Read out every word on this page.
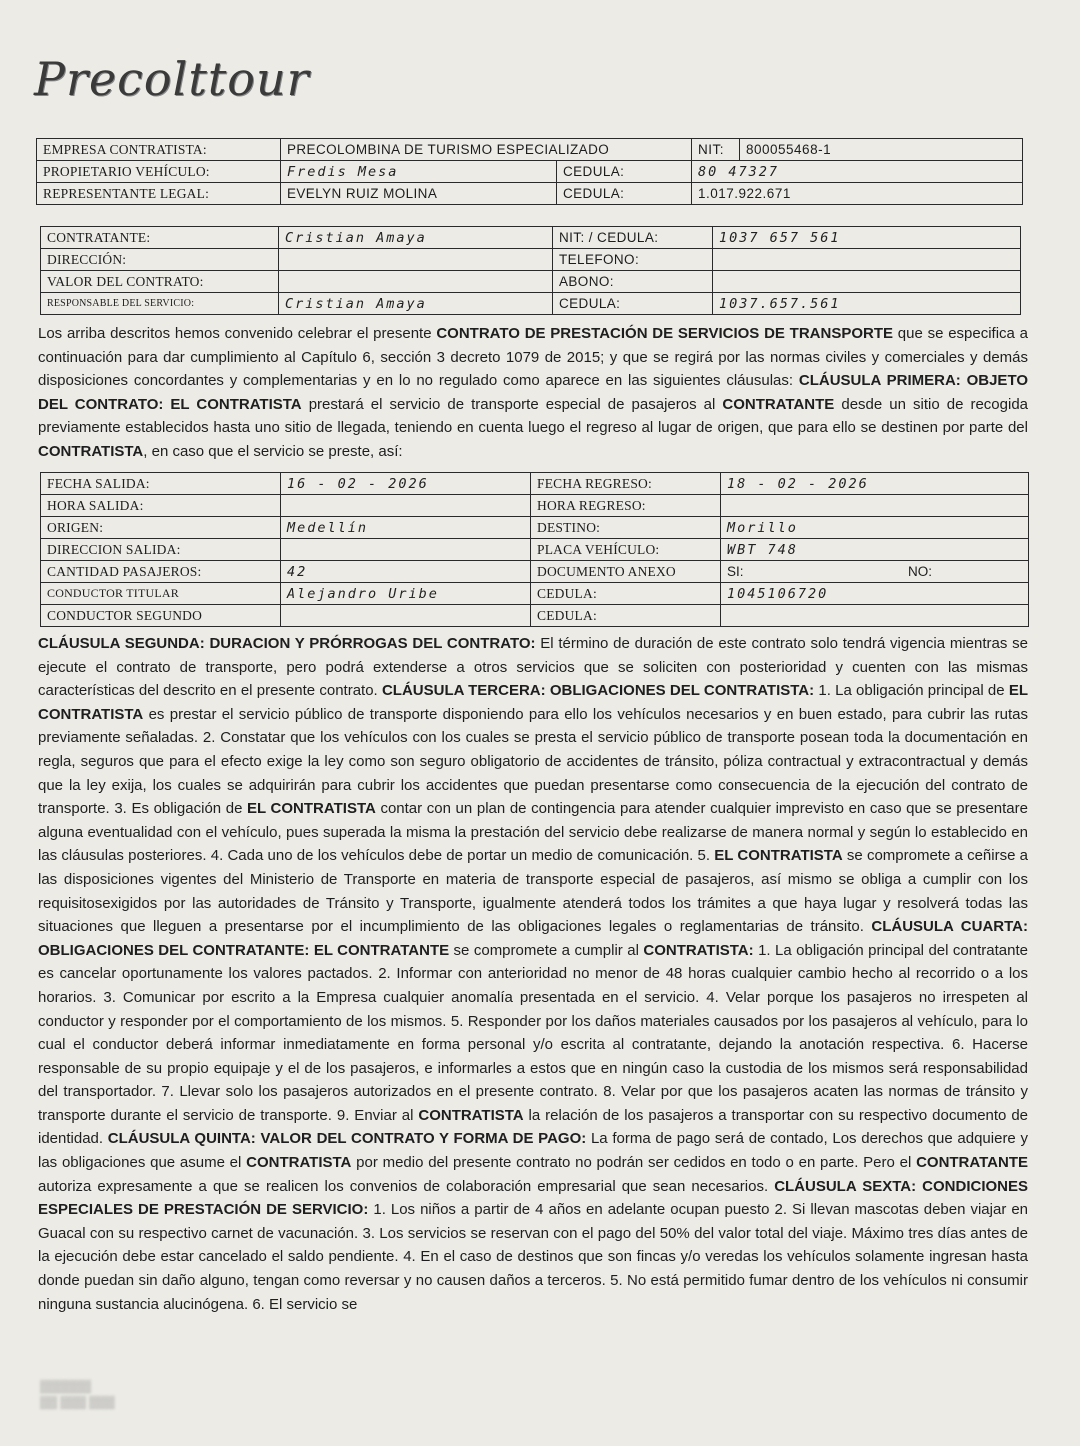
Precolttour
EMPRESA CONTRATISTA:	PRECOLOMBINA DE TURISMO ESPECIALIZADO		NIT:	800055468-1
PROPIETARIO VEHÍCULO:	Fredis Mesa	CEDULA:	80 47327	
REPRESENTANTE LEGAL:	EVELYN RUIZ MOLINA	CEDULA:	1.017.922.671	
CONTRATANTE:	Cristian Amaya	NIT: / CEDULA:	1037 657 561
DIRECCIÓN:		TELEFONO:	
VALOR DEL CONTRATO:		ABONO:	
RESPONSABLE DEL SERVICIO:	Cristian Amaya	CEDULA:	1037.657.561
Los arriba descritos hemos convenido celebrar el presente CONTRATO DE PRESTACIÓN DE SERVICIOS DE TRANSPORTE que se especifica a continuación para dar cumplimiento al Capítulo 6, sección 3 decreto 1079 de 2015; y que se regirá por las normas civiles y comerciales y demás disposiciones concordantes y complementarias y en lo no regulado como aparece en las siguientes cláusulas: CLÁUSULA PRIMERA: OBJETO DEL CONTRATO: EL CONTRATISTA prestará el servicio de transporte especial de pasajeros al CONTRATANTE desde un sitio de recogida previamente establecidos hasta uno sitio de llegada, teniendo en cuenta luego el regreso al lugar de origen, que para ello se destinen por parte del CONTRATISTA, en caso que el servicio se preste, así:
FECHA SALIDA:	16 - 02 - 2026	FECHA REGRESO:	18 - 02 - 2026
HORA SALIDA:		HORA REGRESO:	
ORIGEN:	Medellín	DESTINO:	Morillo
DIRECCION SALIDA:		PLACA VEHÍCULO:	WBT 748
CANTIDAD PASAJEROS:	42	DOCUMENTO ANEXO	SI: NO:

CONDUCTOR TITULAR	Alejandro Uribe	CEDULA:	1045106720
CONDUCTOR SEGUNDO		CEDULA:	
CLÁUSULA SEGUNDA: DURACION Y PRÓRROGAS DEL CONTRATO: El término de duración de este contrato solo tendrá vigencia mientras se ejecute el contrato de transporte, pero podrá extenderse a otros servicios que se soliciten con posterioridad y cuenten con las mismas características del descrito en el presente contrato. CLÁUSULA TERCERA: OBLIGACIONES DEL CONTRATISTA: 1. La obligación principal de EL CONTRATISTA es prestar el servicio público de transporte disponiendo para ello los vehículos necesarios y en buen estado, para cubrir las rutas previamente señaladas. 2. Constatar que los vehículos con los cuales se presta el servicio público de transporte posean toda la documentación en regla, seguros que para el efecto exige la ley como son seguro obligatorio de accidentes de tránsito, póliza contractual y extracontractual y demás que la ley exija, los cuales se adquirirán para cubrir los accidentes que puedan presentarse como consecuencia de la ejecución del contrato de transporte. 3. Es obligación de EL CONTRATISTA contar con un plan de contingencia para atender cualquier imprevisto en caso que se presentare alguna eventualidad con el vehículo, pues superada la misma la prestación del servicio debe realizarse de manera normal y según lo establecido en las cláusulas posteriores. 4. Cada uno de los vehículos debe de portar un medio de comunicación. 5. EL CONTRATISTA se compromete a ceñirse a las disposiciones vigentes del Ministerio de Transporte en materia de transporte especial de pasajeros, así mismo se obliga a cumplir con los requisitosexigidos por las autoridades de Tránsito y Transporte, igualmente atenderá todos los trámites a que haya lugar y resolverá todas las situaciones que lleguen a presentarse por el incumplimiento de las obligaciones legales o reglamentarias de tránsito. CLÁUSULA CUARTA: OBLIGACIONES DEL CONTRATANTE: EL CONTRATANTE se compromete a cumplir al CONTRATISTA: 1. La obligación principal del contratante es cancelar oportunamente los valores pactados. 2. Informar con anterioridad no menor de 48 horas cualquier cambio hecho al recorrido o a los horarios. 3. Comunicar por escrito a la Empresa cualquier anomalía presentada en el servicio. 4. Velar porque los pasajeros no irrespeten al conductor y responder por el comportamiento de los mismos. 5. Responder por los daños materiales causados por los pasajeros al vehículo, para lo cual el conductor deberá informar inmediatamente en forma personal y/o escrita al contratante, dejando la anotación respectiva. 6. Hacerse responsable de su propio equipaje y el de los pasajeros, e informarles a estos que en ningún caso la custodia de los mismos será responsabilidad del transportador. 7. Llevar solo los pasajeros autorizados en el presente contrato. 8. Velar por que los pasajeros acaten las normas de tránsito y transporte durante el servicio de transporte. 9. Enviar al CONTRATISTA la relación de los pasajeros a transportar con su respectivo documento de identidad. CLÁUSULA QUINTA: VALOR DEL CONTRATO Y FORMA DE PAGO: La forma de pago será de contado, Los derechos que adquiere y las obligaciones que asume el CONTRATISTA por medio del presente contrato no podrán ser cedidos en todo o en parte. Pero el CONTRATANTE autoriza expresamente a que se realicen los convenios de colaboración empresarial que sean necesarios. CLÁUSULA SEXTA: CONDICIONES ESPECIALES DE PRESTACIÓN DE SERVICIO: 1. Los niños a partir de 4 años en adelante ocupan puesto 2. Si llevan mascotas deben viajar en Guacal con su respectivo carnet de vacunación. 3. Los servicios se reservan con el pago del 50% del valor total del viaje. Máximo tres días antes de la ejecución debe estar cancelado el saldo pendiente. 4. En el caso de destinos que son fincas y/o veredas los vehículos solamente ingresan hasta donde puedan sin daño alguno, tengan como reversar y no causen daños a terceros. 5. No está permitido fumar dentro de los vehículos ni consumir ninguna sustancia alucinógena. 6. El servicio se
▒▒▒▒▒▒
▒▒ ▒▒▒ ▒▒▒
